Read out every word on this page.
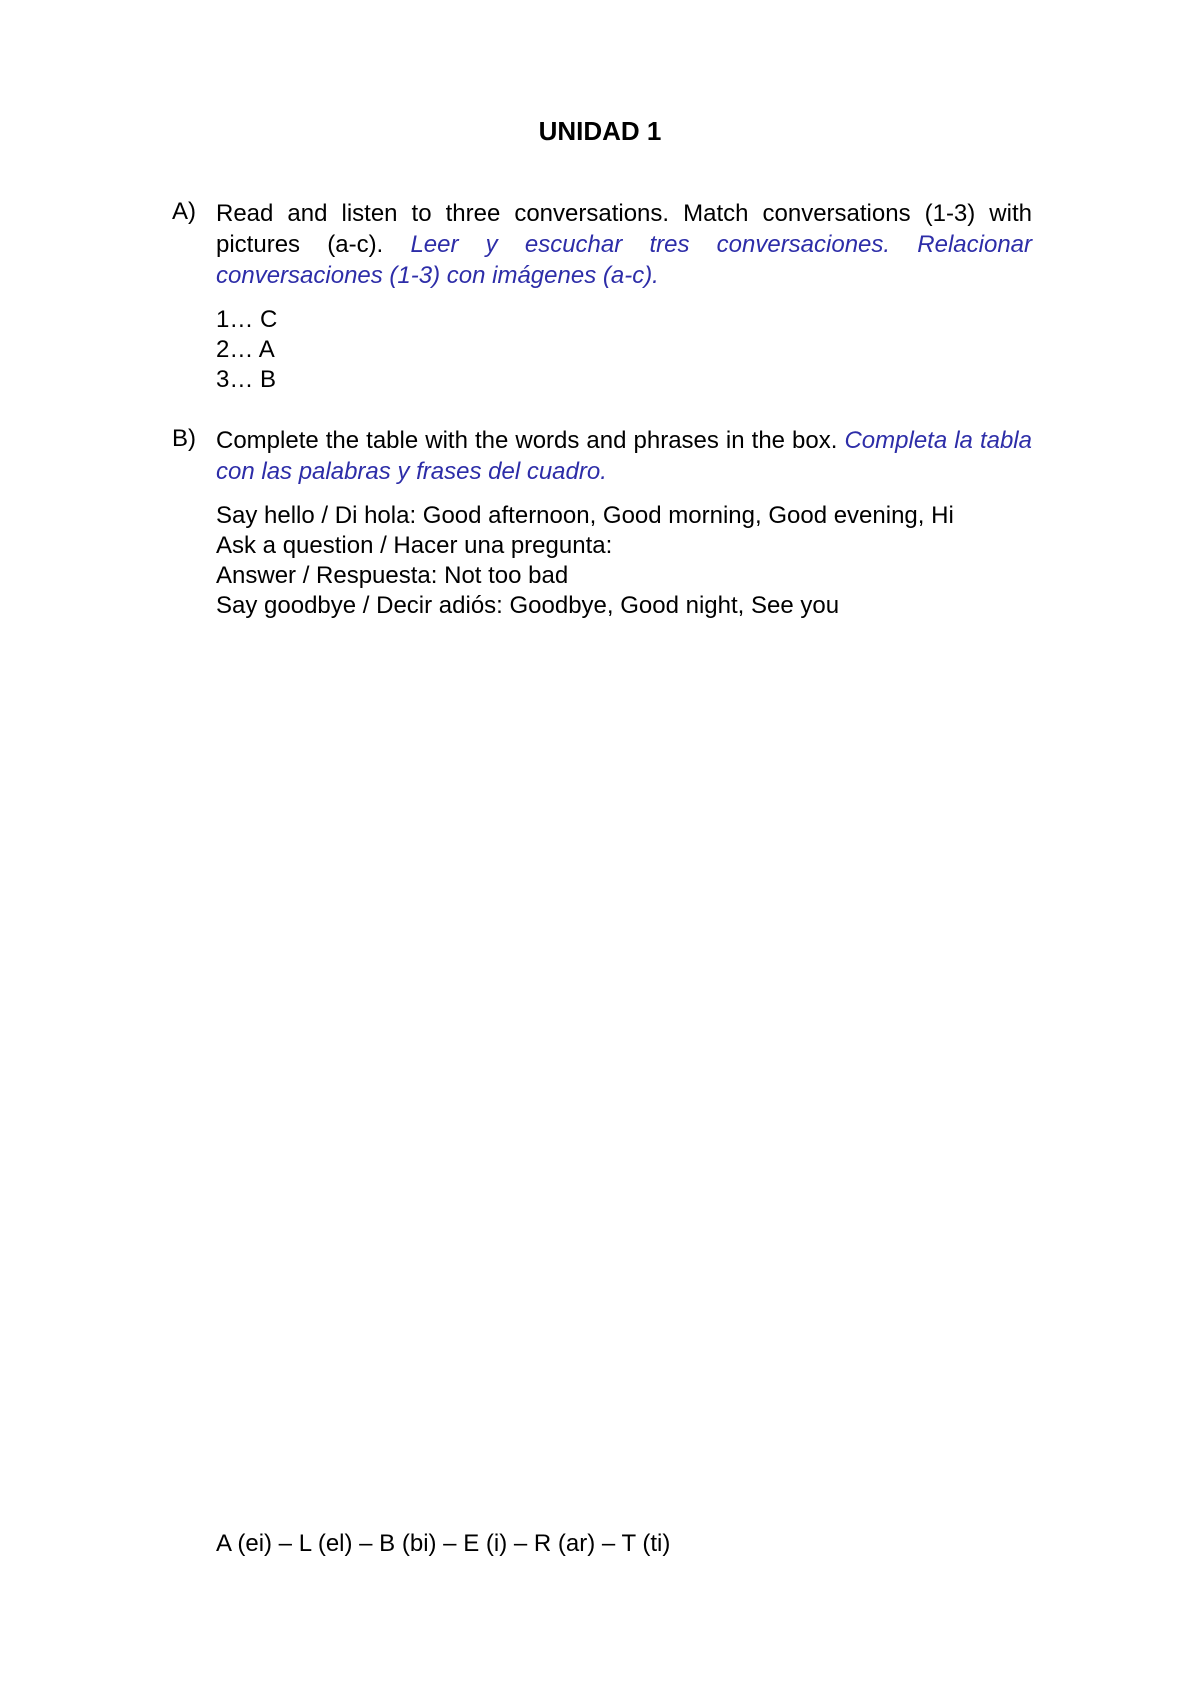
UNIDAD 1
A) Read and listen to three conversations. Match conversations (1-3) with pictures (a-c). Leer y escuchar tres conversaciones. Relacionar conversaciones (1-3) con imágenes (a-c).

1… C
2… A
3… B
B) Complete the table with the words and phrases in the box. Completa la tabla con las palabras y frases del cuadro.

Say hello / Di hola: Good afternoon, Good morning, Good evening, Hi
Ask a question / Hacer una pregunta:
Answer / Respuesta: Not too bad
Say goodbye / Decir adiós: Goodbye, Good night, See you
A (ei) – L (el) – B (bi) – E (i) – R (ar) – T (ti)
